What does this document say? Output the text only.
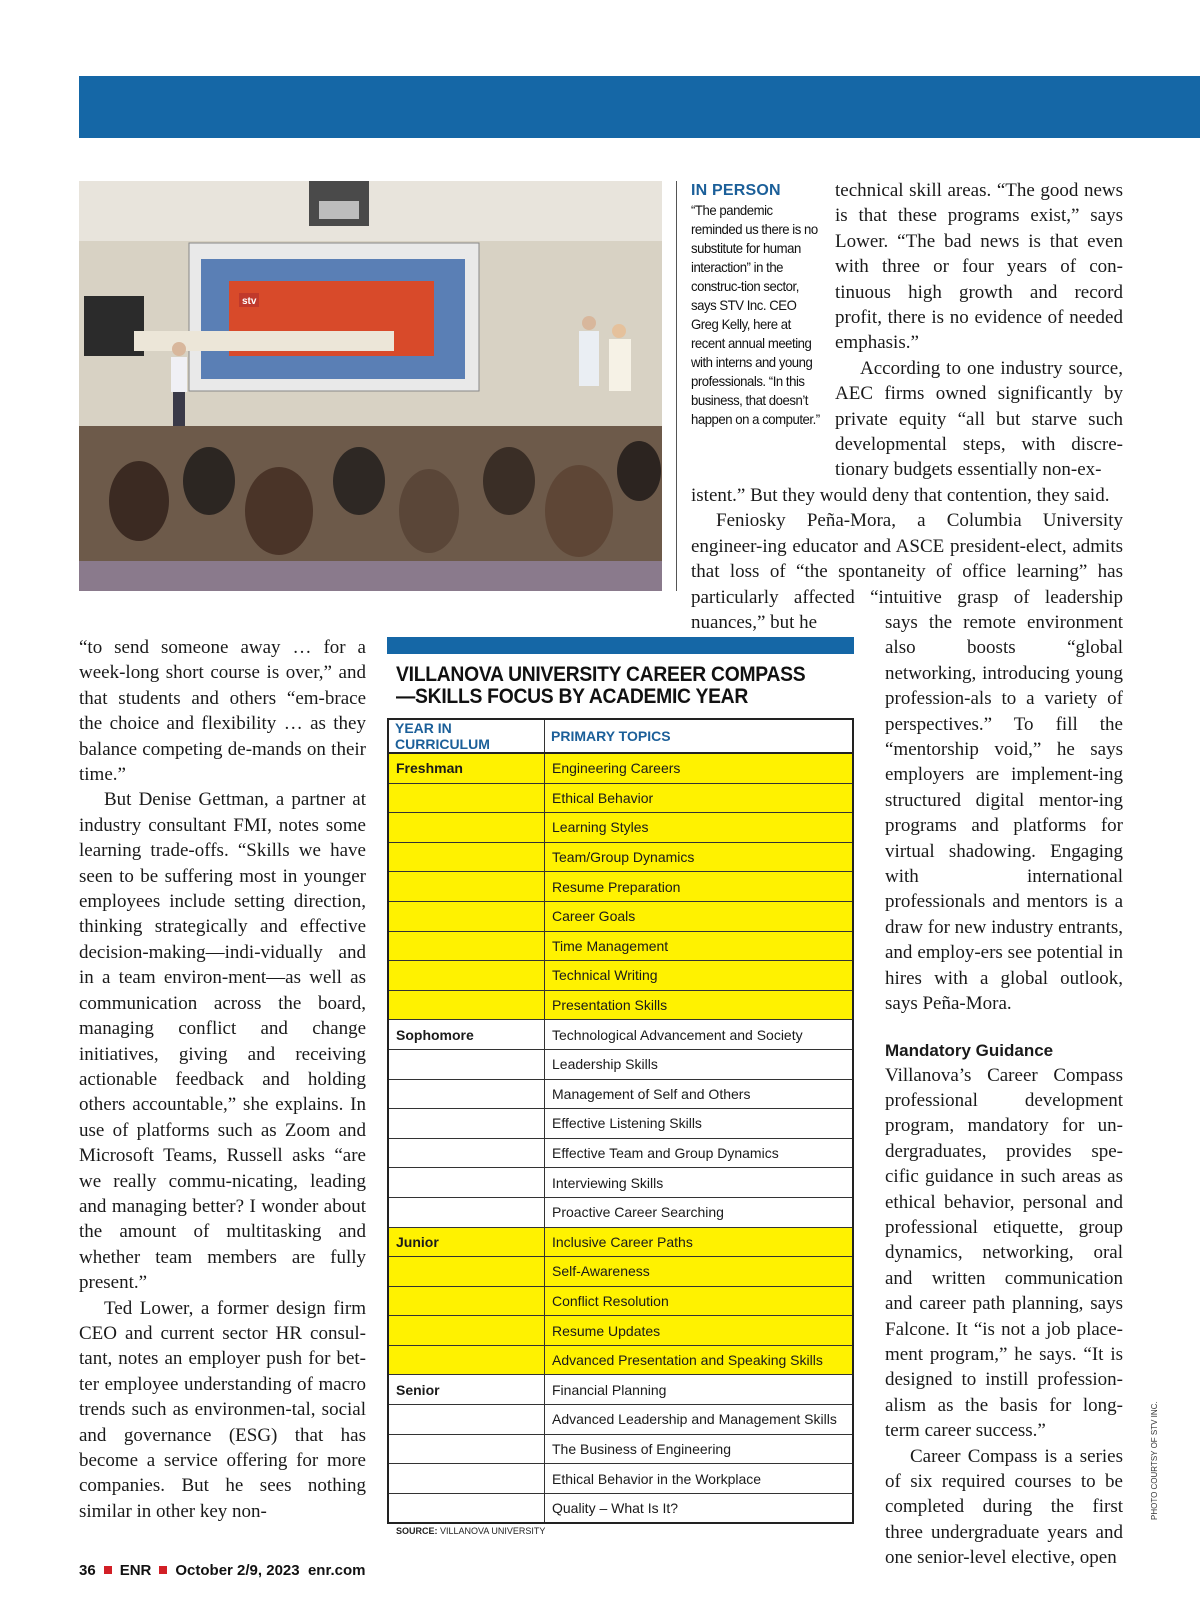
stv
IN PERSON
“The pandemic reminded us there is no substitute for human interaction” in the construc-tion sector, says STV Inc. CEO Greg Kelly, here at recent annual meeting with interns and young professionals. “In this business, that doesn’t happen on a computer.”

technical skill areas. “The good news is that these programs exist,” says Lower. “The bad news is that even with three or four years of con-tinuous high growth and record profit, there is no evidence of needed emphasis.”

According to one industry source, AEC firms owned significantly by private equity “all but starve such developmental steps, with discre-tionary budgets essentially non-ex-

istent.” But they would deny that contention, they said.

Feniosky Peña-Mora, a Columbia University engineer-ing educator and ASCE president-elect, admits that loss of “the spontaneity of office learning” has particularly affected “intuitive grasp of leadership nuances,” but he	says the remote environment also boosts “global networking, introducing young profession-als to a variety of perspectives.” To fill the “mentorship void,” he says employers are implement-ing structured digital mentor-ing programs and platforms for virtual shadowing. Engaging with international professionals and mentors is a draw for new industry entrants, and employ-ers see potential in hires with a global outlook, says Peña-Mora.

Mandatory Guidance

Villanova’s Career Compass professional development program, mandatory for un-dergraduates, provides spe-cific guidance in such areas as ethical behavior, personal and professional etiquette, group dynamics, networking, oral and written communication and career path planning, says Falcone. It “is not a job place-ment program,” he says. “It is designed to instill profession-alism as the basis for long-term career success.”

Career Compass is a series of six required courses to be completed during the first three undergraduate years and one senior-level elective, open

“to send someone away … for a week-long short course is over,” and that students and others “em-brace the choice and flexibility … as they balance competing de-mands on their time.”

But Denise Gettman, a partner at industry consultant FMI, notes some learning trade-offs. “Skills we have seen to be suffering most in younger employees include setting direction, thinking strategically and effective decision-making—indi-vidually and in a team environ-ment—as well as communication across the board, managing conflict and change initiatives, giving and receiving actionable feedback and holding others accountable,” she explains. In use of platforms such as Zoom and Microsoft Teams, Russell asks “are we really commu-nicating, leading and managing better? I wonder about the amount of multitasking and whether team members are fully present.”

Ted Lower, a former design firm CEO and current sector HR consul-tant, notes an employer push for bet-ter employee understanding of macro trends such as environmen-tal, social and governance (ESG) that has become a service offering for more companies. But he sees nothing similar in other key non-

VILLANOVA UNIVERSITY CAREER COMPASS—SKILLS FOCUS BY ACADEMIC YEAR
YEAR IN CURRICULUM	PRIMARY TOPICS
Freshman	Engineering Careers
	Ethical Behavior
	Learning Styles
	Team/Group Dynamics
	Resume Preparation
	Career Goals
	Time Management
	Technical Writing
	Presentation Skills
Sophomore	Technological Advancement and Society
	Leadership Skills
	Management of Self and Others
	Effective Listening Skills
	Effective Team and Group Dynamics
	Interviewing Skills
	Proactive Career Searching
Junior	Inclusive Career Paths
	Self-Awareness
	Conflict Resolution
	Resume Updates
	Advanced Presentation and Speaking Skills
Senior	Financial Planning
	Advanced Leadership and Management Skills
	The Business of Engineering
	Ethical Behavior in the Workplace
	Quality – What Is It?
SOURCE: VILLANOVA UNIVERSITY
36 ENR October 2/9, 2023 enr.com
PHOTO COURTSY OF STV INC.
